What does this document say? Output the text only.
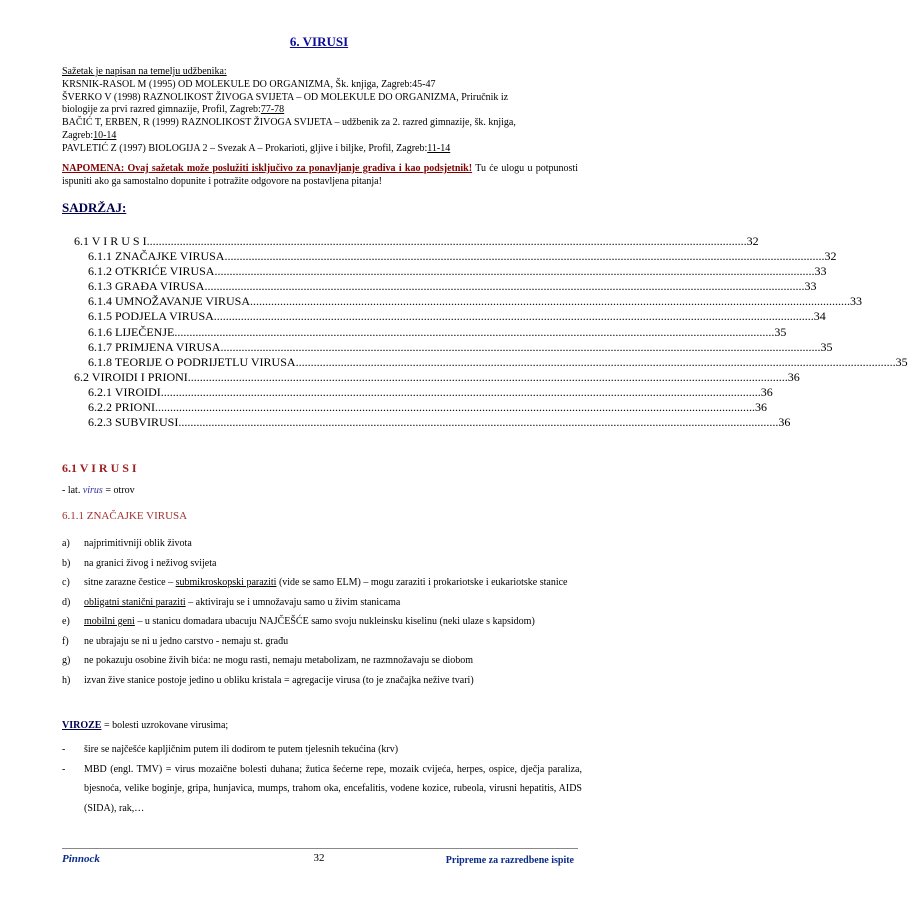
6. VIRUSI
Sažetak je napisan na temelju udžbenika:
KRSNIK-RASOL M (1995) OD MOLEKULE DO ORGANIZMA, Šk. knjiga, Zagreb:45-47
ŠVERKO V (1998) RAZNOLIKOST ŽIVOGA SVIJETA – OD MOLEKULE DO ORGANIZMA, Priručnik iz
biologije za prvi razred gimnazije, Profil, Zagreb:77-78
BAČIĆ T, ERBEN, R (1999) RAZNOLIKOST ŽIVOGA SVIJETA – udžbenik za 2. razred gimnazije, šk. knjiga,
Zagreb:10-14
PAVLETIĆ Z (1997) BIOLOGIJA 2 – Svezak A – Prokarioti, gljive i biljke, Profil, Zagreb:11-14
NAPOMENA: Ovaj sažetak može poslužiti isključivo za ponavljanje gradiva i kao podsjetnik! Tu će ulogu u potpunosti ispuniti ako ga samostalno dopunite i potražite odgovore na postavljena pitanja!
SADRŽAJ:
6.1 V I R U S I ........................................................................................................................................................................................................ 32
6.1.1 ZNAČAJKE VIRUSA ........................................................................................................................................................................................................ 32
6.1.2 OTKRIĆE VIRUSA ........................................................................................................................................................................................................ 33
6.1.3 GRAĐA VIRUSA ........................................................................................................................................................................................................ 33
6.1.4 UMNOŽAVANJE VIRUSA ........................................................................................................................................................................................................ 33
6.1.5 PODJELA VIRUSA ........................................................................................................................................................................................................ 34
6.1.6 LIJEČENJE ........................................................................................................................................................................................................ 35
6.1.7 PRIMJENA VIRUSA ........................................................................................................................................................................................................ 35
6.1.8 TEORIJE O PODRIJETLU VIRUSA ........................................................................................................................................................................................................ 35
6.2 VIROIDI I PRIONI ........................................................................................................................................................................................................ 36
6.2.1 VIROIDI ........................................................................................................................................................................................................ 36
6.2.2 PRIONI ........................................................................................................................................................................................................ 36
6.2.3 SUBVIRUSI ........................................................................................................................................................................................................ 36
6.1 V I R U S I
- lat. virus = otrov
6.1.1 ZNAČAJKE VIRUSA
a)	najprimitivniji oblik života
b)	na granici živog i neživog svijeta
c)	sitne zarazne čestice – submikroskopski paraziti (vide se samo ELM) – mogu zaraziti i prokariotske i eukariotske stanice
d)	obligatni stanični paraziti – aktiviraju se i umnožavaju samo u živim stanicama
e)	mobilni geni – u stanicu domadara ubacuju NAJČEŠĆE samo svoju nukleinsku kiselinu (neki ulaze s kapsidom)
f)	ne ubrajaju se ni u jedno carstvo - nemaju st. građu
g)	ne pokazuju osobine živih bića: ne mogu rasti, nemaju metabolizam, ne razmnožavaju se diobom
h)	izvan žive stanice postoje jedino u obliku kristala = agregacije virusa (to je značajka nežive tvari)
VIROZE = bolesti uzrokovane virusima;
-	šire se najčešće kapljičnim putem ili dodirom te putem tjelesnih tekućina (krv)
-	MBD (engl. TMV) = virus mozaične bolesti duhana; žutica šećerne repe, mozaik cvijeća, herpes, ospice, dječja paraliza, bjesnoća, velike boginje, gripa, hunjavica, mumps, trahom oka, encefalitis, vodene kozice, rubeola, virusni hepatitis, AIDS (SIDA), rak,…
Pinnock	32	Pripreme za razredbene ispite
